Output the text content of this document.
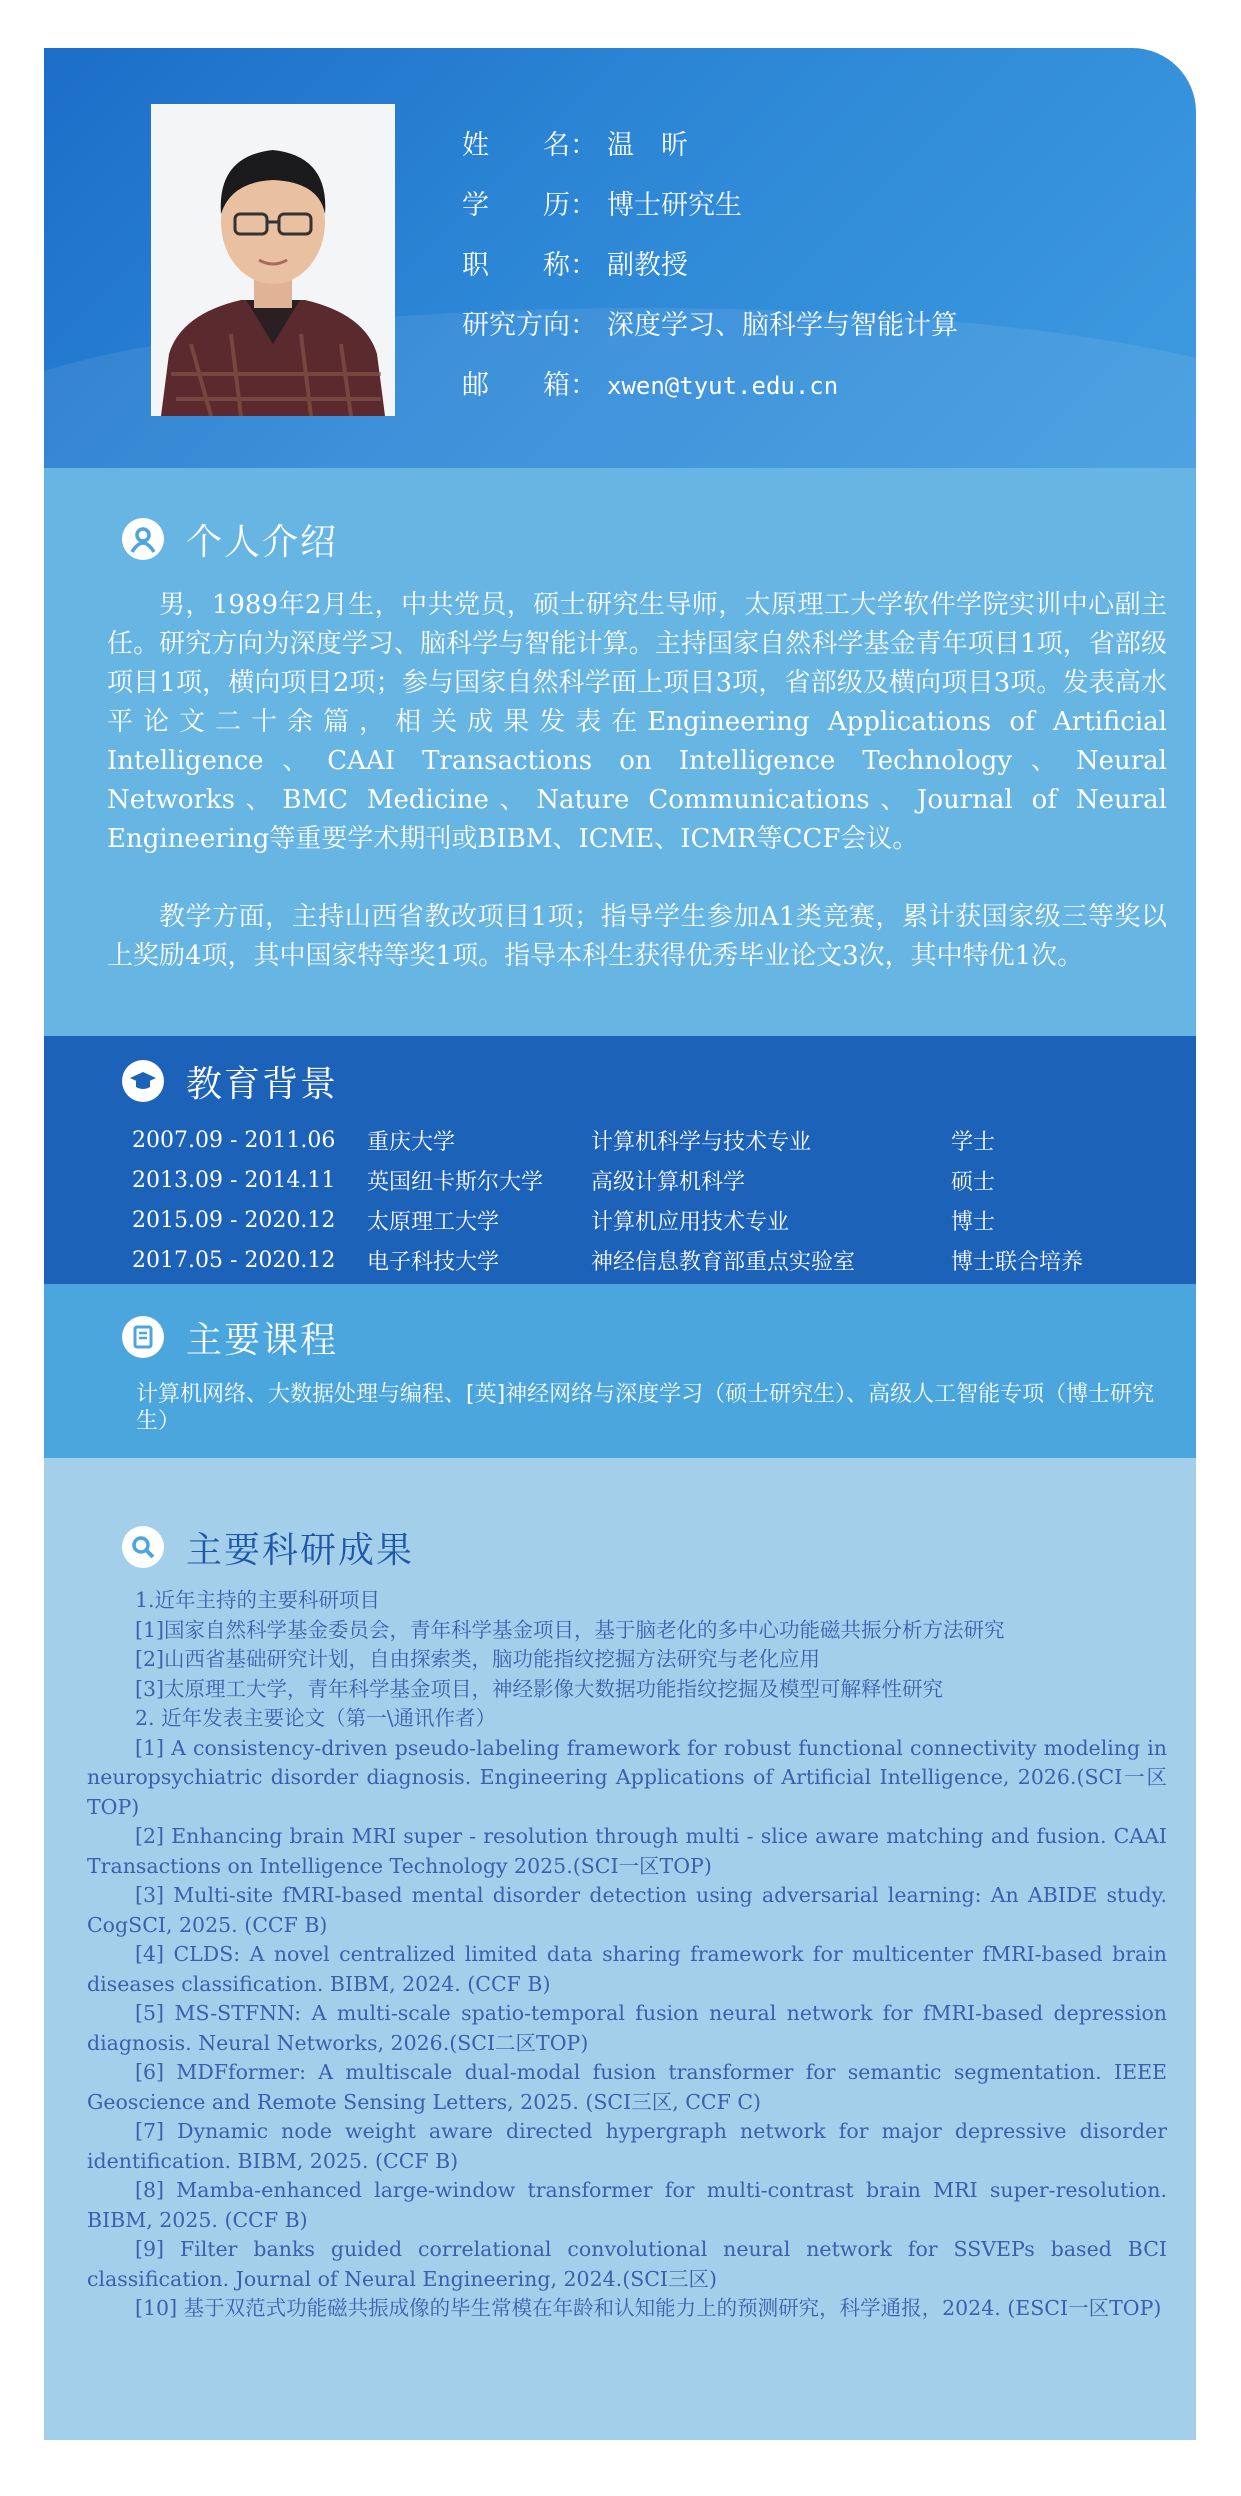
姓　　名： 温　昕
学　　历： 博士研究生
职　　称： 副教授
研究方向： 深度学习、脑科学与智能计算
邮　　箱： xwen@tyut.edu.cn
个人介绍
男，1989年2月生，中共党员，硕士研究生导师，太原理工大学软件学院实训中心副主任。研究方向为深度学习、脑科学与智能计算。主持国家自然科学基金青年项目1项，省部级项目1项，横向项目2项；参与国家自然科学面上项目3项，省部级及横向项目3项。发表高水平论文二十余篇，相关成果发表在Engineering Applications of Artificial Intelligence、CAAI Transactions on Intelligence Technology、Neural Networks、BMC Medicine、Nature Communications、Journal of Neural Engineering等重要学术期刊或BIBM、ICME、ICMR等CCF会议。
教学方面，主持山西省教改项目1项；指导学生参加A1类竞赛，累计获国家级三等奖以上奖励4项，其中国家特等奖1项。指导本科生获得优秀毕业论文3次，其中特优1次。
教育背景
2007.09 - 2011.06	重庆大学	计算机科学与技术专业	学士
2013.09 - 2014.11	英国纽卡斯尔大学	高级计算机科学	硕士
2015.09 - 2020.12	太原理工大学	计算机应用技术专业	博士
2017.05 - 2020.12	电子科技大学	神经信息教育部重点实验室	博士联合培养
主要课程
计算机网络、大数据处理与编程、[英]神经网络与深度学习（硕士研究生）、高级人工智能专项（博士研究生）
主要科研成果

1.近年主持的主要科研项目

[1]国家自然科学基金委员会，青年科学基金项目，基于脑老化的多中心功能磁共振分析方法研究

[2]山西省基础研究计划，自由探索类，脑功能指纹挖掘方法研究与老化应用

[3]太原理工大学，青年科学基金项目，神经影像大数据功能指纹挖掘及模型可解释性研究

2. 近年发表主要论文（第一\通讯作者）

[1] A consistency-driven pseudo-labeling framework for robust functional connectivity modeling in neuropsychiatric disorder diagnosis. Engineering Applications of Artificial Intelligence, 2026.(SCI一区TOP)

[2] Enhancing brain MRI super - resolution through multi - slice aware matching and fusion. CAAI Transactions on Intelligence Technology 2025.(SCI一区TOP)

[3] Multi-site fMRI-based mental disorder detection using adversarial learning: An ABIDE study. CogSCI, 2025. (CCF B)

[4] CLDS: A novel centralized limited data sharing framework for multicenter fMRI-based brain diseases classification. BIBM, 2024. (CCF B)

[5] MS-STFNN: A multi-scale spatio-temporal fusion neural network for fMRI-based depression diagnosis. Neural Networks, 2026.(SCI二区TOP)

[6] MDFformer: A multiscale dual-modal fusion transformer for semantic segmentation. IEEE Geoscience and Remote Sensing Letters, 2025. (SCI三区, CCF C)

[7] Dynamic node weight aware directed hypergraph network for major depressive disorder identification. BIBM, 2025. (CCF B)

[8] Mamba-enhanced large-window transformer for multi-contrast brain MRI super-resolution. BIBM, 2025. (CCF B)

[9] Filter banks guided correlational convolutional neural network for SSVEPs based BCI classification. Journal of Neural Engineering, 2024.(SCI三区)

[10] 基于双范式功能磁共振成像的毕生常模在年龄和认知能力上的预测研究，科学通报，2024. (ESCI一区TOP)
